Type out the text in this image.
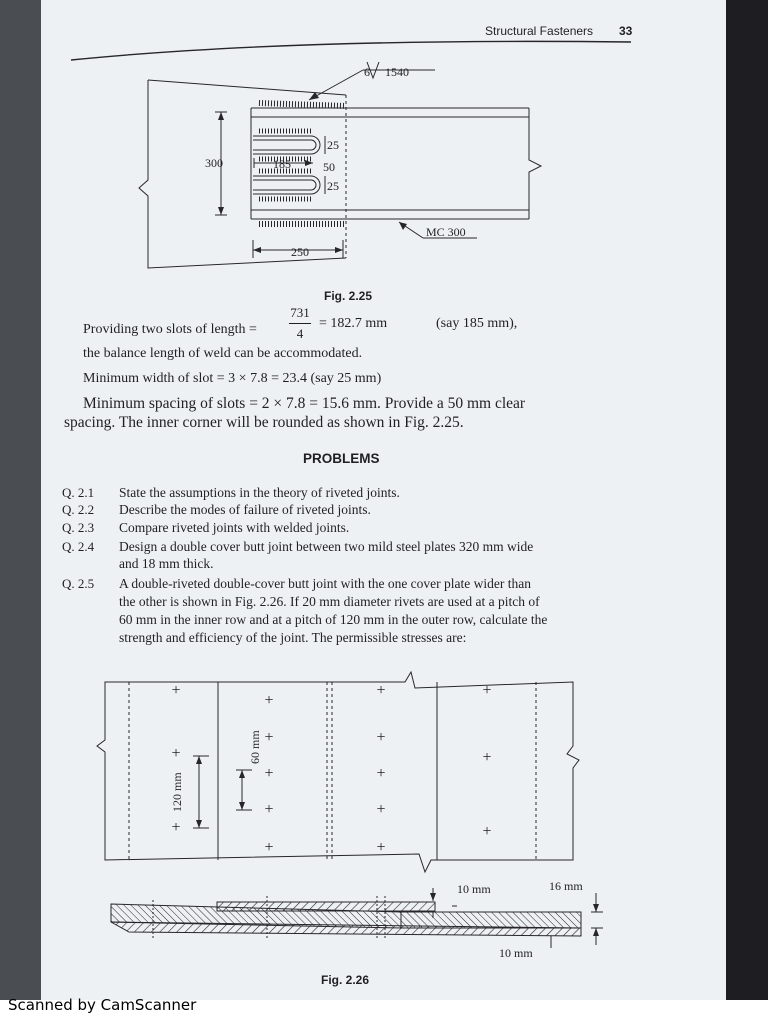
Structural Fasteners 33
6 1540
300	185
25
50
25
250
MC 300
Fig. 2.25
Providing two slots of length =
731
4
= 182.7 mm	(say 185 mm),
the balance length of weld can be accommodated.
Minimum width of slot = 3 × 7.8 = 23.4 (say 25 mm)
Minimum spacing of slots = 2 × 7.8 = 15.6 mm. Provide a 50 mm clear
spacing. The inner corner will be rounded as shown in Fig. 2.25.
PROBLEMS
Q. 2.1 State the assumptions in the theory of riveted joints.
Q. 2.2 Describe the modes of failure of riveted joints.
Q. 2.3 Compare riveted joints with welded joints.
Q. 2.4 Design a double cover butt joint between two mild steel plates 320 mm wide
and 18 mm thick.
Q. 2.5 A double-riveted double-cover butt joint with the one cover plate wider than
the other is shown in Fig. 2.26. If 20 mm diameter rivets are used at a pitch of
60 mm in the inner row and at a pitch of 120 mm in the outer row, calculate the
strength and efficiency of the joint. The permissible stresses are:
+
+
+
+
+
+
+
+
+
+
+
+
+
+
+
+
120 mm
60 mm
10 mm	16 mm
10 mm
Fig. 2.26
Scanned by CamScanner
